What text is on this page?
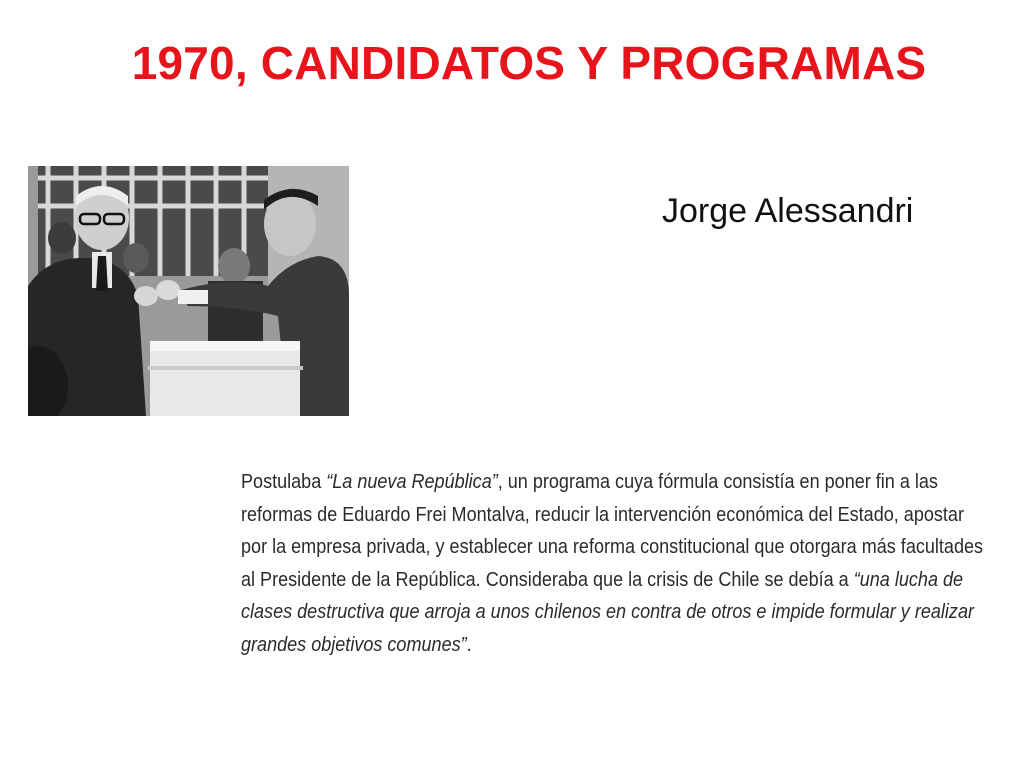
1970, CANDIDATOS Y PROGRAMAS
Jorge Alessandri
Postulaba “La nueva República”, un programa cuya fórmula consistía en poner fin a las reformas de Eduardo Frei Montalva, reducir la intervención económica del Estado, apostar por la empresa privada, y establecer una reforma constitucional que otorgara más facultades al Presidente de la República. Consideraba que la crisis de Chile se debía a “una lucha de clases destructiva que arroja a unos chilenos en contra de otros e impide formular y realizar grandes objetivos comunes”.
